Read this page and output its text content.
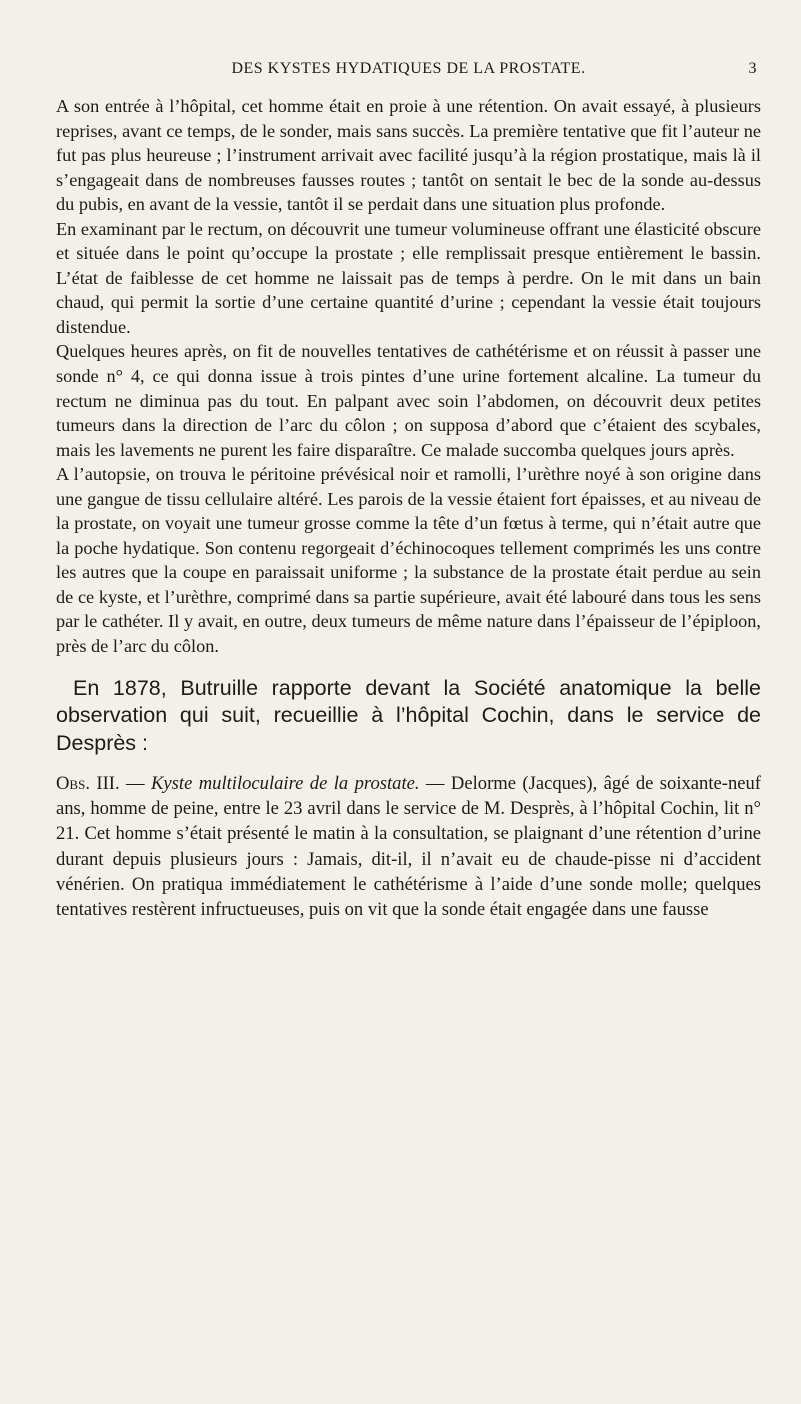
DES KYSTES HYDATIQUES DE LA PROSTATE.	3

A son entrée à l’hôpital, cet homme était en proie à une rétention. On avait essayé, à plusieurs reprises, avant ce temps, de le sonder, mais sans succès. La première tentative que fit l’auteur ne fut pas plus heureuse ; l’instrument arrivait avec facilité jusqu’à la région prostatique, mais là il s’engageait dans de nombreuses fausses routes ; tantôt on sentait le bec de la sonde au-dessus du pubis, en avant de la vessie, tantôt il se perdait dans une situation plus profonde.

En examinant par le rectum, on découvrit une tumeur volumineuse offrant une élasticité obscure et située dans le point qu’occupe la prostate ; elle remplissait presque entièrement le bassin. L’état de faiblesse de cet homme ne laissait pas de temps à perdre. On le mit dans un bain chaud, qui permit la sortie d’une certaine quantité d’urine ; cependant la vessie était toujours distendue.

Quelques heures après, on fit de nouvelles tentatives de cathétérisme et on réussit à passer une sonde n° 4, ce qui donna issue à trois pintes d’une urine fortement alcaline. La tumeur du rectum ne diminua pas du tout. En palpant avec soin l’abdomen, on découvrit deux petites tumeurs dans la direction de l’arc du côlon ; on supposa d’abord que c’étaient des scybales, mais les lavements ne purent les faire disparaître. Ce malade succomba quelques jours après.

A l’autopsie, on trouva le péritoine prévésical noir et ramolli, l’urèthre noyé à son origine dans une gangue de tissu cellulaire altéré. Les parois de la vessie étaient fort épaisses, et au niveau de la prostate, on voyait une tumeur grosse comme la tête d’un fœtus à terme, qui n’était autre que la poche hydatique. Son contenu regorgeait d’échinocoques tellement comprimés les uns contre les autres que la coupe en paraissait uniforme ; la substance de la prostate était perdue au sein de ce kyste, et l’urèthre, comprimé dans sa partie supérieure, avait été labouré dans tous les sens par le cathéter. Il y avait, en outre, deux tumeurs de même nature dans l’épaisseur de l’épiploon, près de l’arc du côlon.

En 1878, Butruille rapporte devant la Société anatomique la belle observation qui suit, recueillie à l’hôpital Cochin, dans le service de Desprès :

Obs. III. — Kyste multiloculaire de la prostate. — Delorme (Jacques), âgé de soixante-neuf ans, homme de peine, entre le 23 avril dans le service de M. Desprès, à l’hôpital Cochin, lit n° 21. Cet homme s’était présenté le matin à la consultation, se plaignant d’une rétention d’urine durant depuis plusieurs jours : Jamais, dit-il, il n’avait eu de chaude-pisse ni d’accident vénérien. On pratiqua immédiatement le cathétérisme à l’aide d’une sonde molle; quelques tentatives restèrent infructueuses, puis on vit que la sonde était engagée dans une fausse
